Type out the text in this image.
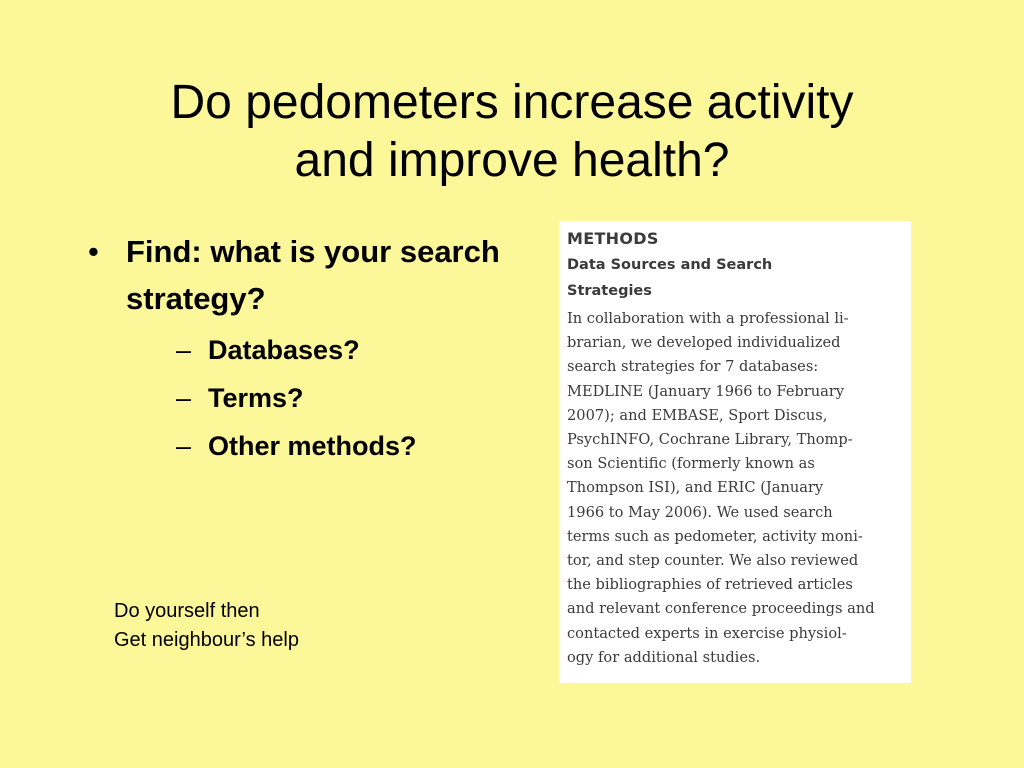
Do pedometers increase activity
and improve health?
• Find: what is your search strategy?
– Databases?
– Terms?
– Other methods?
Do yourself then
Get neighbour’s help
METHODS
Data Sources and Search
Strategies
In collaboration with a professional li-
brarian, we developed individualized
search strategies for 7 databases:
MEDLINE (January 1966 to February
2007); and EMBASE, Sport Discus,
PsychINFO, Cochrane Library, Thomp-
son Scientific (formerly known as
Thompson ISI), and ERIC (January
1966 to May 2006). We used search
terms such as pedometer, activity moni-
tor, and step counter. We also reviewed
the bibliographies of retrieved articles
and relevant conference proceedings and
contacted experts in exercise physiol-
ogy for additional studies.
